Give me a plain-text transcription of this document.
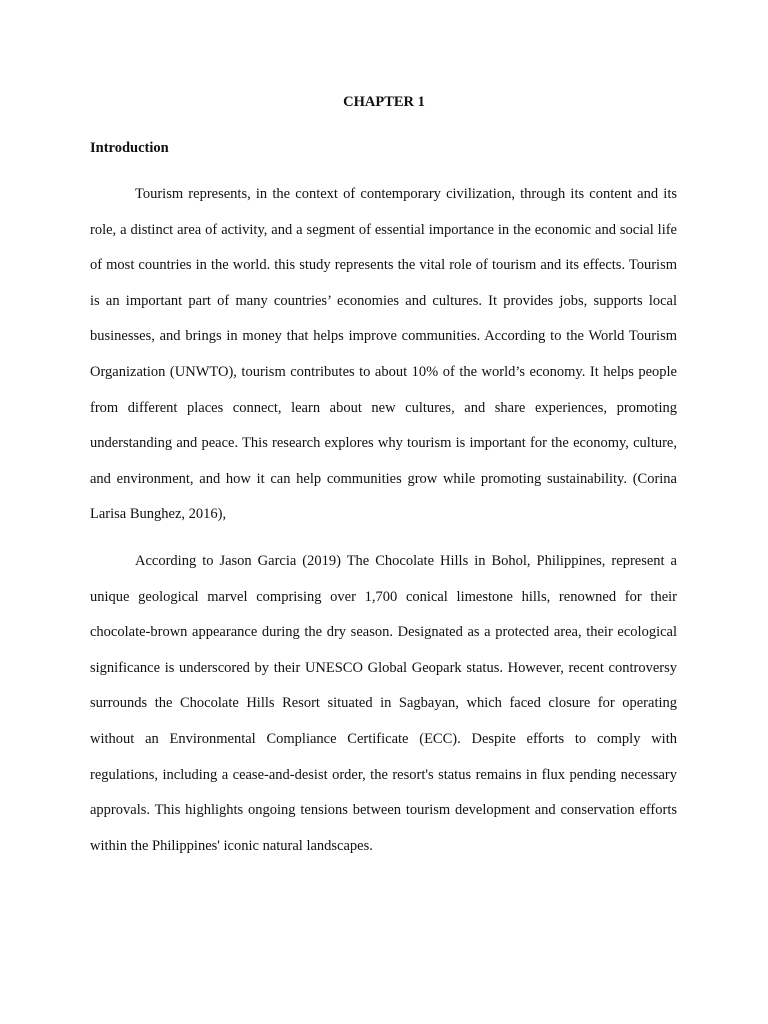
CHAPTER 1
Introduction

Tourism represents, in the context of contemporary civilization, through its content and its role, a distinct area of activity, and a segment of essential importance in the economic and social life of most countries in the world. this study represents the vital role of tourism and its effects. Tourism is an important part of many countries’ economies and cultures. It provides jobs, supports local businesses, and brings in money that helps improve communities. According to the World Tourism Organization (UNWTO), tourism contributes to about 10% of the world’s economy. It helps people from different places connect, learn about new cultures, and share experiences, promoting understanding and peace. This research explores why tourism is important for the economy, culture, and environment, and how it can help communities grow while promoting sustainability. (Corina Larisa Bunghez, 2016),

According to Jason Garcia (2019) The Chocolate Hills in Bohol, Philippines, represent a unique geological marvel comprising over 1,700 conical limestone hills, renowned for their chocolate-brown appearance during the dry season. Designated as a protected area, their ecological significance is underscored by their UNESCO Global Geopark status. However, recent controversy surrounds the Chocolate Hills Resort situated in Sagbayan, which faced closure for operating without an Environmental Compliance Certificate (ECC). Despite efforts to comply with regulations, including a cease-and-desist order, the resort's status remains in flux pending necessary approvals. This highlights ongoing tensions between tourism development and conservation efforts within the Philippines' iconic natural landscapes.
